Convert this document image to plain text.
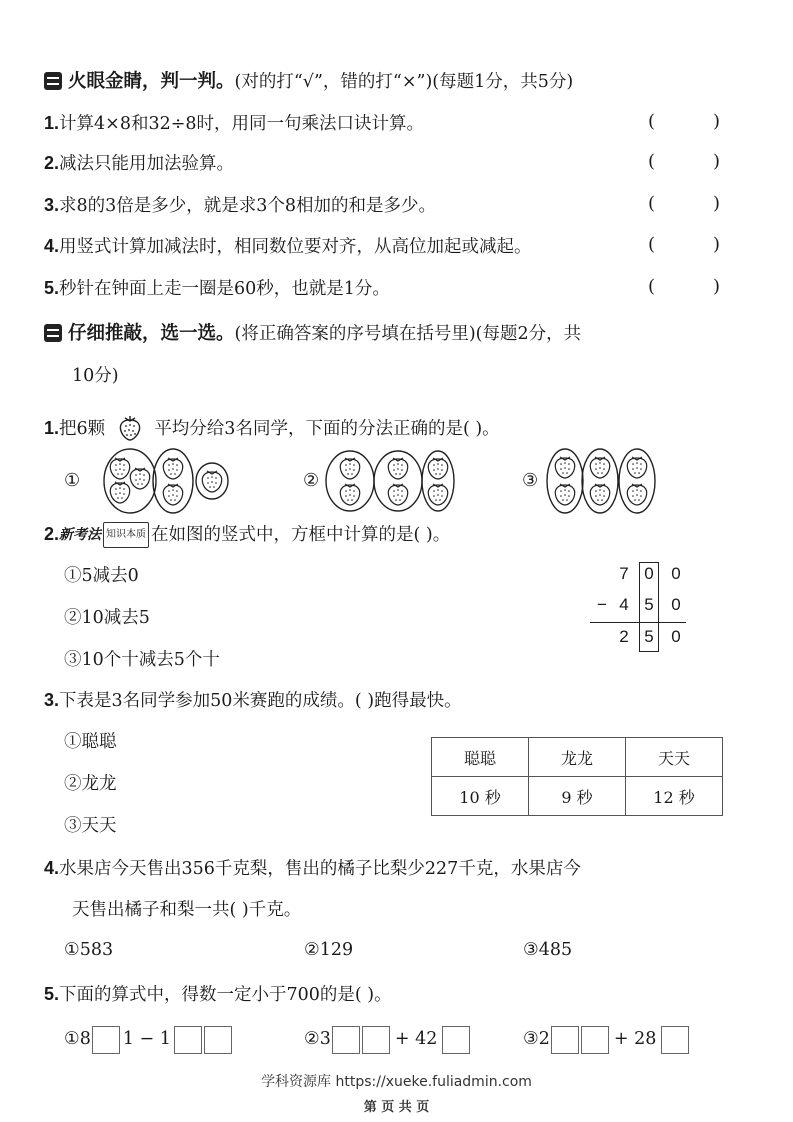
火眼金睛，判一判。(对的打“√”，错的打“×”)(每题1分，共5分)
1.计算4×8和32÷8时，用同一句乘法口诀计算。	(	)
2.减法只能用加法验算。	(	)
3.求8的3倍是多少，就是求3个8相加的和是多少。	(	)
4.用竖式计算加减法时，相同数位要对齐，从高位加起或减起。	(	)
5.秒针在钟面上走一圈是60秒，也就是1分。	(	)
仔细推敲，选一选。(将正确答案的序号填在括号里)(每题2分，共
10分)
1.把6颗	平均分给3名同学，下面的分法正确的是( )。
①	②	③
2.新考法 知识本质 在如图的竖式中，方框中计算的是( )。
①5减去0
②10减去5
③10个十减去5个十
7 0	0
− 4 5	0
2 5	0
3.下表是3名同学参加50米赛跑的成绩。( )跑得最快。
①聪聪
②龙龙
③天天
聪聪	龙龙	天天
10 秒	9 秒	12 秒
4.水果店今天售出356千克梨，售出的橘子比梨少227千克，水果店今
天售出橘子和梨一共( )千克。
①583	②129	③485
5.下面的算式中，得数一定小于700的是( )。
①8 1 − 1	②3	+ 42	③2	+ 28
学科资源库 https://xueke.fuliadmin.com
第 页 共 页
